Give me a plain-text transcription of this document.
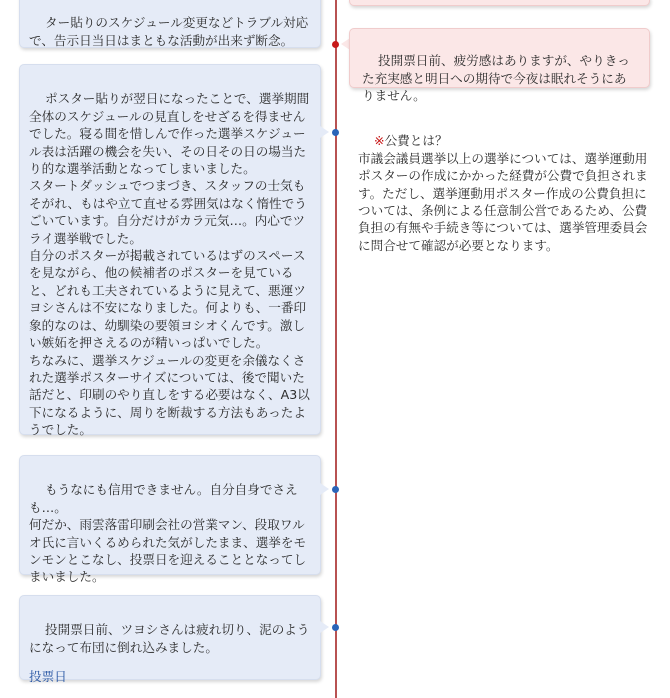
ター貼りのスケジュール変更などトラブル対応
で、告示日当日はまともな活動が出来ず断念。

投開票日前、疲労感はありますが、やりきった充実感と明日への期待で今夜は眠れそうにありません。

※公費とは？
市議会議員選挙以上の選挙については、選挙運動用ポスターの作成にかかった経費が公費で負担されます。ただし、選挙運動用ポスター作成の公費負担については、条例による任意制公営であるため、公費負担の有無や手続き等については、選挙管理委員会に問合せて確認が必要となります。

ポスター貼りが翌日になったことで、選挙期間全体のスケジュールの見直しをせざるを得ませんでした。寝る間を惜しんで作った選挙スケジュール表は活躍の機会を失い、その日その日の場当たり的な選挙活動となってしまいました。
スタートダッシュでつまづき、スタッフの士気もそがれ、もはや立て直せる雰囲気はなく惰性でうごいています。自分だけがカラ元気…。内心でツライ選挙戦でした。
自分のポスターが掲載されているはずのスペースを見ながら、他の候補者のポスターを見ていると、どれも工夫されているように見えて、悪運ツヨシさんは不安になりました。何よりも、一番印象的なのは、幼馴染の要領ヨシオくんです。激しい嫉妬を押さえるのが精いっぱいでした。
ちなみに、選挙スケジュールの変更を余儀なくされた選挙ポスターサイズについては、後で聞いた話だと、印刷のやり直しをする必要はなく、A3以下になるように、周りを断裁する方法もあったようでした。

もうなにも信用できません。自分自身でさえも…。
何だか、雨雲落雷印刷会社の営業マン、段取ワルオ氏に言いくるめられた気がしたまま、選挙をモンモンとこなし、投票日を迎えることとなってしまいました。

投開票日前、ツヨシさんは疲れ切り、泥のようになって布団に倒れ込みました。

投票日
